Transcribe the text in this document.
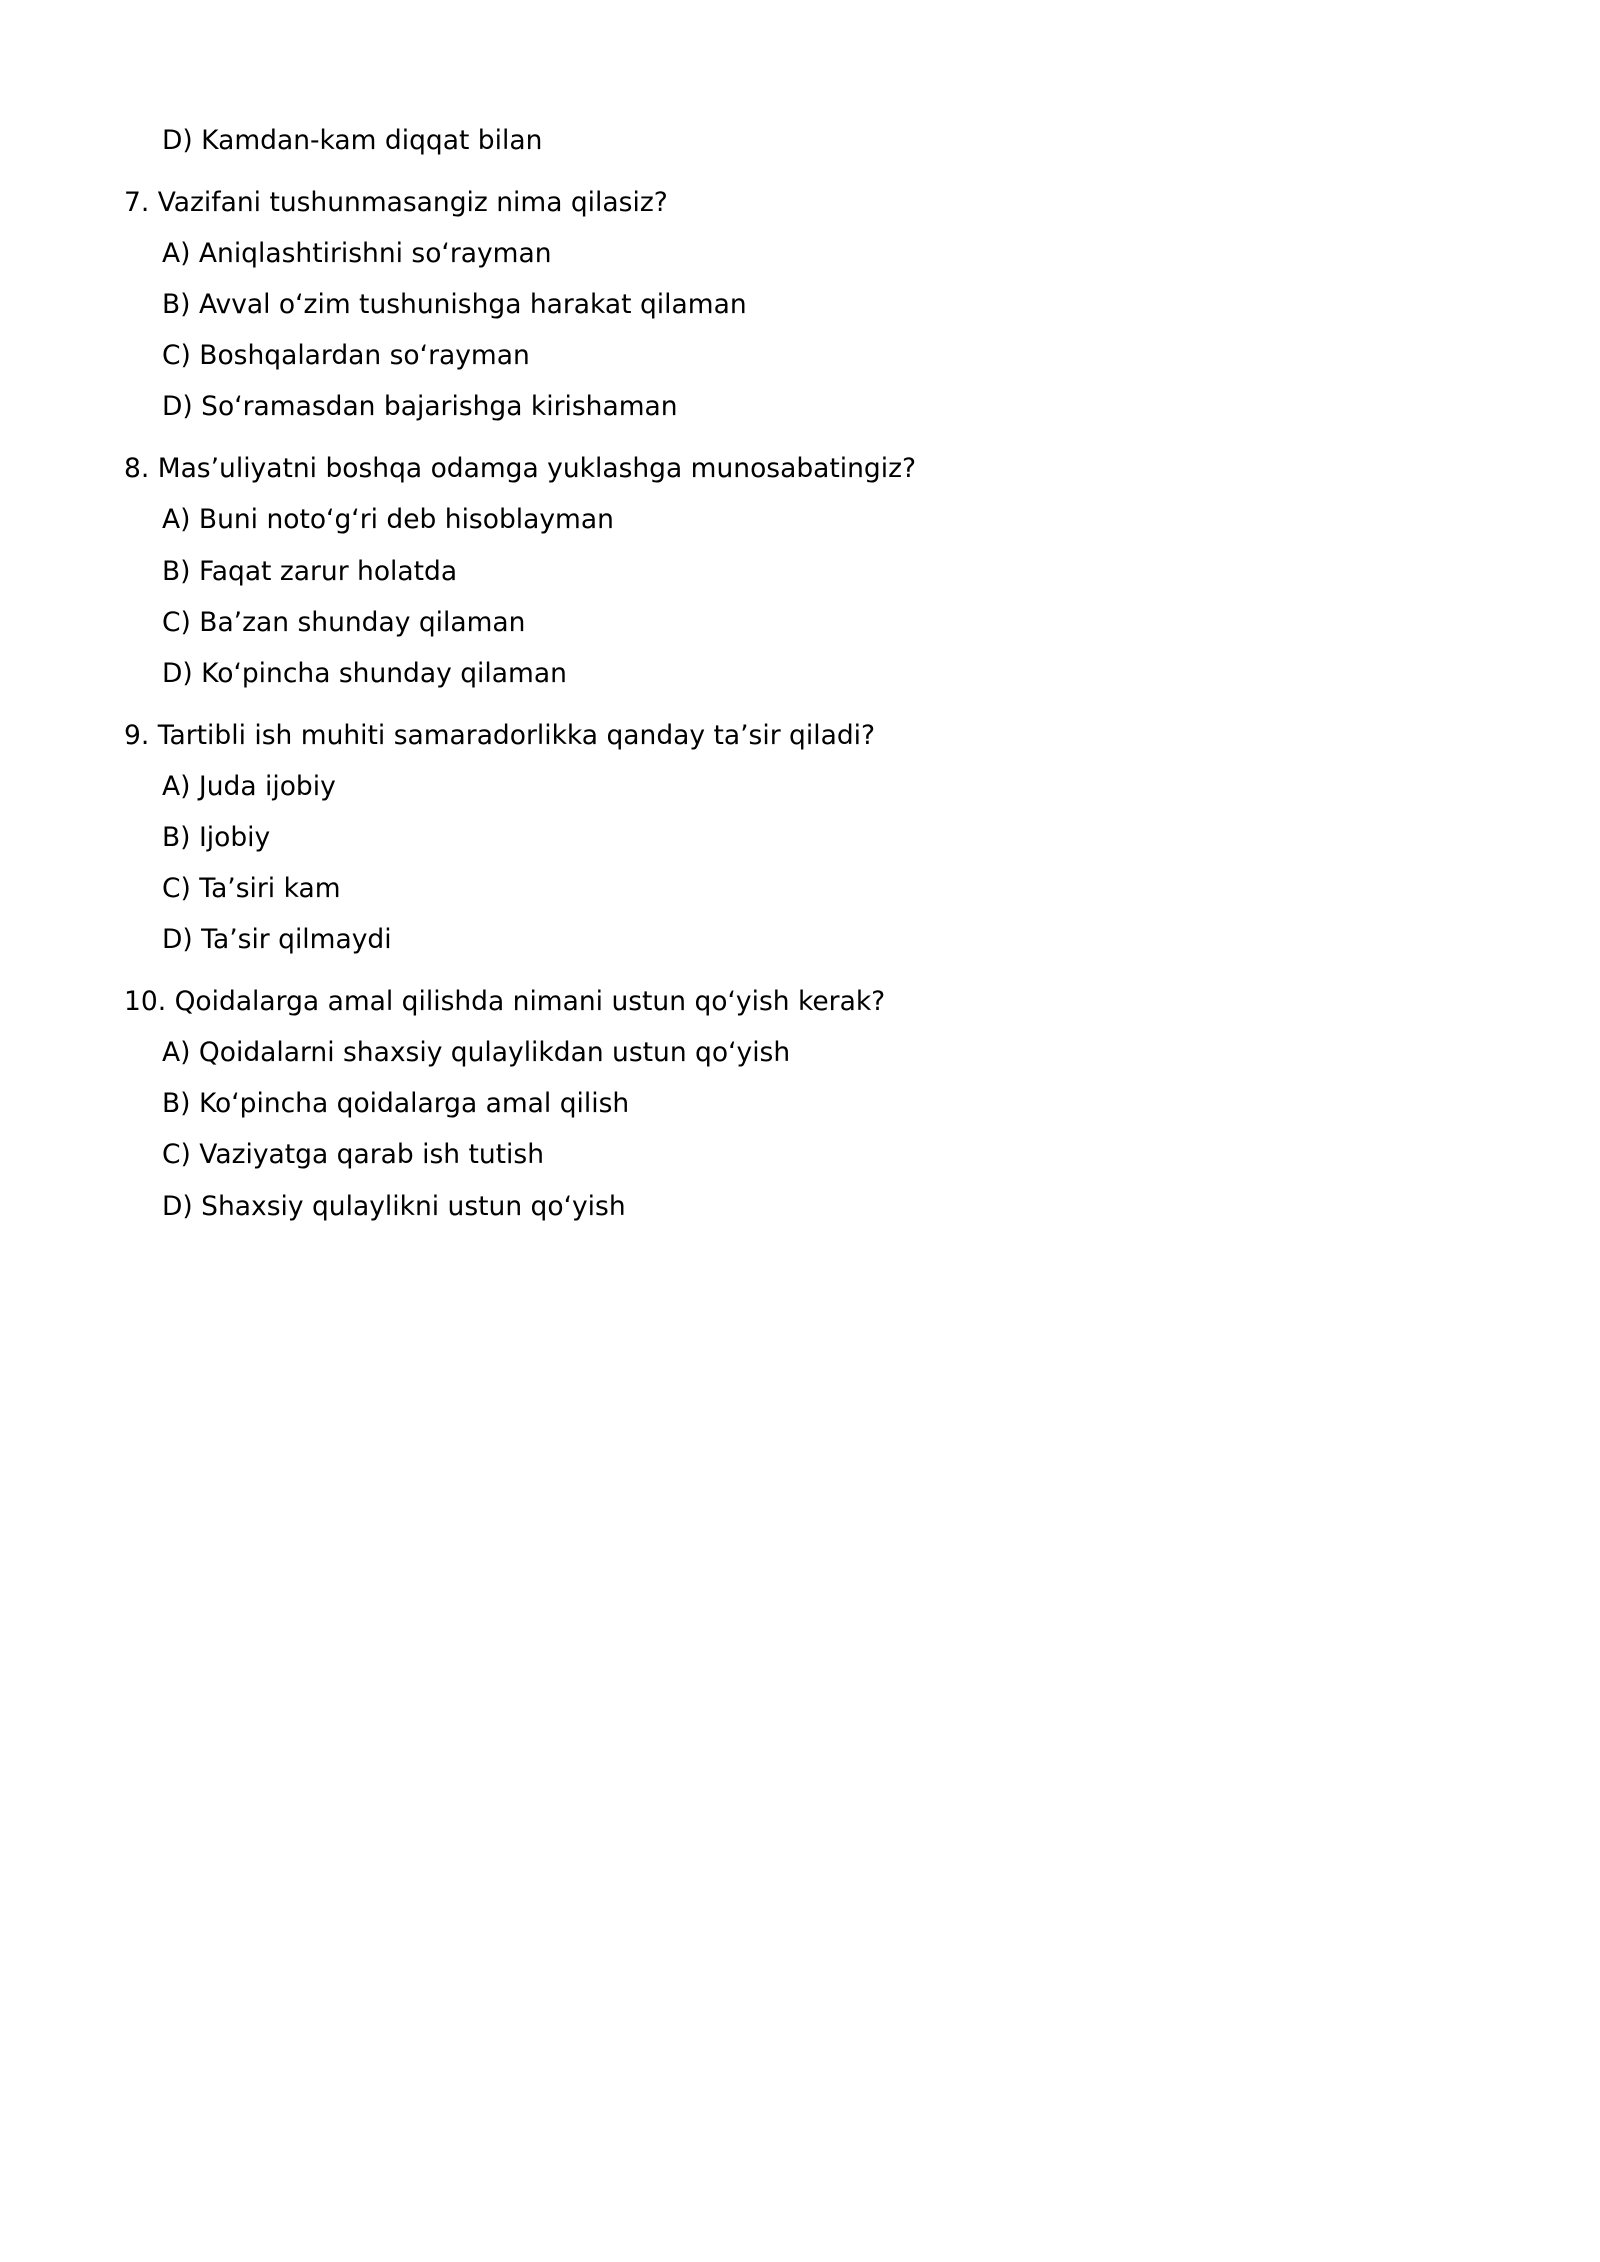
D) Kamdan-kam diqqat bilan
7. Vazifani tushunmasangiz nima qilasiz?
A) Aniqlashtirishni so‘rayman
B) Avval o‘zim tushunishga harakat qilaman
C) Boshqalardan so‘rayman
D) So‘ramasdan bajarishga kirishaman
8. Mas’uliyatni boshqa odamga yuklashga munosabatingiz?
A) Buni noto‘g‘ri deb hisoblayman
B) Faqat zarur holatda
C) Ba’zan shunday qilaman
D) Ko‘pincha shunday qilaman
9. Tartibli ish muhiti samaradorlikka qanday ta’sir qiladi?
A) Juda ijobiy
B) Ijobiy
C) Ta’siri kam
D) Ta’sir qilmaydi
10. Qoidalarga amal qilishda nimani ustun qo‘yish kerak?
A) Qoidalarni shaxsiy qulaylikdan ustun qo‘yish
B) Ko‘pincha qoidalarga amal qilish
C) Vaziyatga qarab ish tutish
D) Shaxsiy qulaylikni ustun qo‘yish
